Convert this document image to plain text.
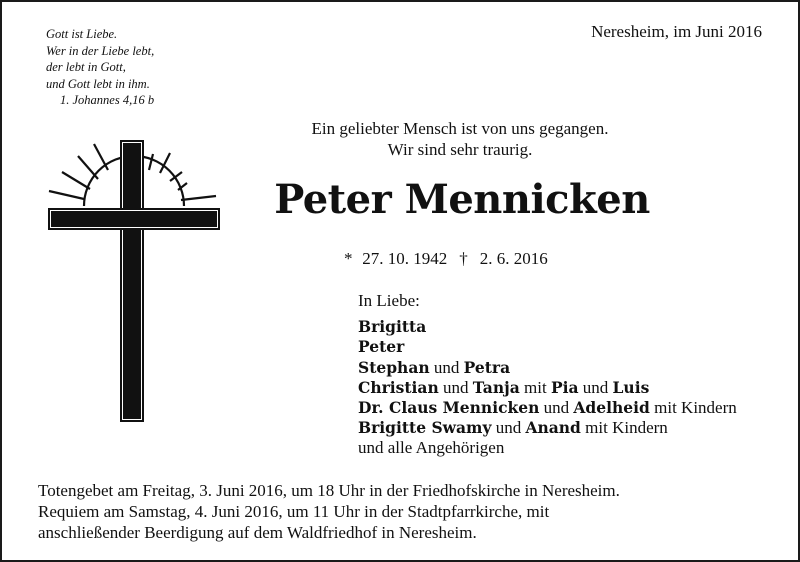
Gott ist Liebe.
Wer in der Liebe lebt,
der lebt in Gott,
und Gott lebt in ihm.
1. Johannes 4,16 b
Neresheim, im Juni 2016
Ein geliebter Mensch ist von uns gegangen.
Wir sind sehr traurig.
Peter Mennicken
* 27. 10. 1942 † 2. 6. 2016
In Liebe:
Brigitta
Peter
Stephan und Petra
Christian und Tanja mit Pia und Luis
Dr. Claus Mennicken und Adelheid mit Kindern
Brigitte Swamy und Anand mit Kindern
und alle Angehörigen
Totengebet am Freitag, 3. Juni 2016, um 18 Uhr in der Friedhofskirche in Neresheim.
Requiem am Samstag, 4. Juni 2016, um 11 Uhr in der Stadtpfarrkirche, mit
anschließender Beerdigung auf dem Waldfriedhof in Neresheim.
